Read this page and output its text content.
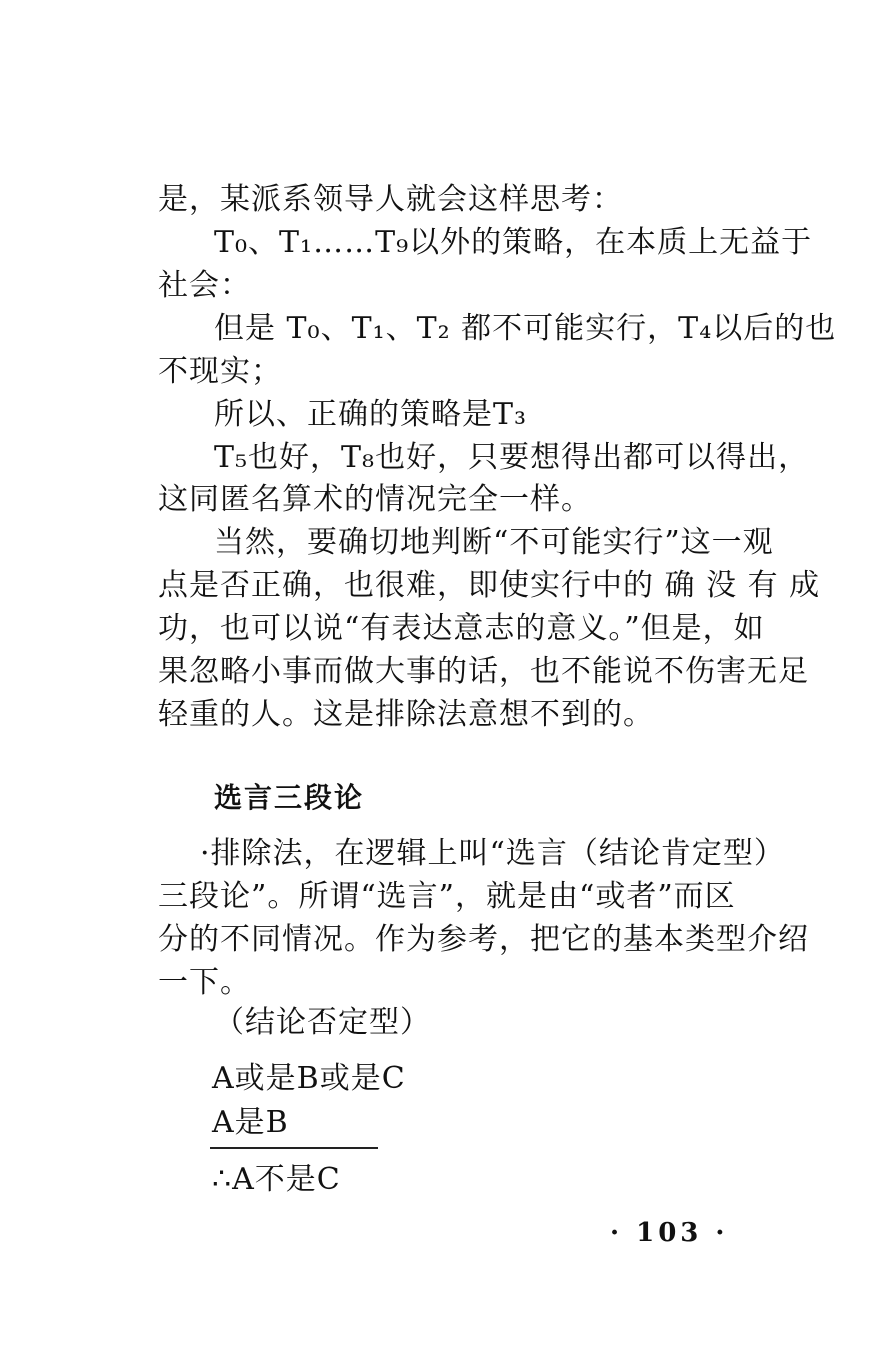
是，某派系领导人就会这样思考：
T₀、T₁……T₉以外的策略，在本质上无益于
社会：
但是 T₀、T₁、T₂ 都不可能实行，T₄以后的也
不现实；
所以、正确的策略是T₃
T₅也好，T₈也好，只要想得出都可以得出，
这同匿名算术的情况完全一样。
当然，要确切地判断“不可能实行”这一观
点是否正确，也很难，即使实行中的 确 没 有 成
功，也可以说“有表达意志的意义。”但是，如
果忽略小事而做大事的话，也不能说不伤害无足
轻重的人。这是排除法意想不到的。
选言三段论
·排除法，在逻辑上叫“选言（结论肯定型）
三段论”。所谓“选言”，就是由“或者”而区
分的不同情况。作为参考，把它的基本类型介绍
一下。
（结论否定型）
A或是B或是C
A是B
∴A不是C
· 103 ·
